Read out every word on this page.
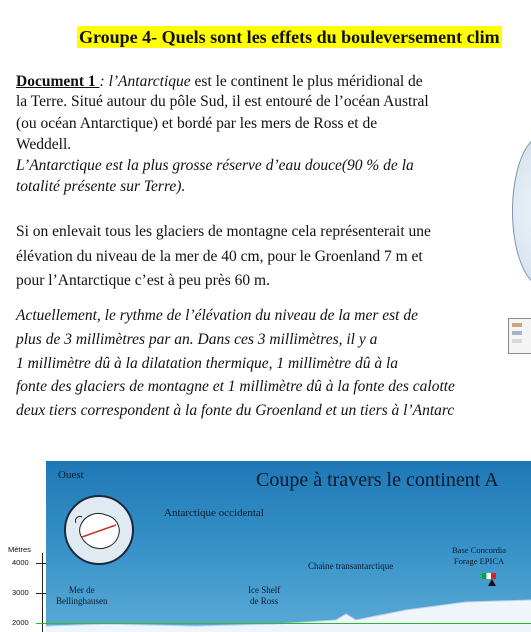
Groupe 4- Quels sont les effets du bouleversement clim
Document 1 : l’Antarctique est le continent le plus méridional de
la Terre. Situé autour du pôle Sud, il est entouré de l’océan Austral
(ou océan Antarctique) et bordé par les mers de Ross et de
Weddell.
L’Antarctique est la plus grosse réserve d’eau douce(90 % de la
totalité présente sur Terre).
Si on enlevait tous les glaciers de montagne cela représenterait une
élévation du niveau de la mer de 40 cm, pour le Groenland 7 m et
pour l’Antarctique c’est à peu près 60 m.
Actuellement, le rythme de l’élévation du niveau de la mer est de
plus de 3 millimètres par an. Dans ces 3 millimètres, il y a
1 millimètre dû à la dilatation thermique, 1 millimètre dû à la
fonte des glaciers de montagne et 1 millimètre dû à la fonte des calotte
deux tiers correspondent à la fonte du Groenland et un tiers à l’Antarc
Ouest	Coupe à travers le continent A
Antarctique occidental
Chaine transantarctique
Mer de
Bellinghausen
Ice Shelf
de Ross
Base Concordia
Forage EPICA
Mètres
4000
3000
2000
